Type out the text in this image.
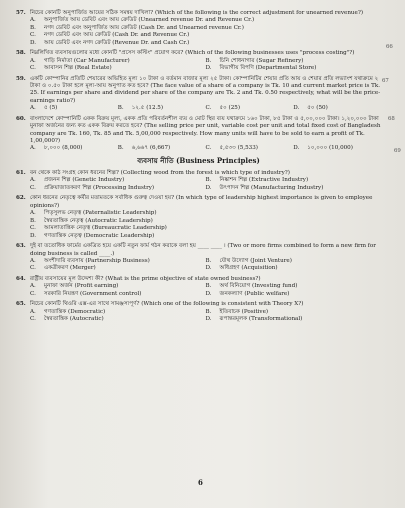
66
67
68
69
57. নিচের কোনটি অনুপার্জিত আয়ের সঠিক সমন্বয় দাখিলা? (Which of the following is the correct adjustment for unearned revenue?)
A.	অনুপার্জিত আয় ডেবিট এবং আয় ক্রেডিট (Unearned revenue Dr. and Revenue Cr.)
B.	নগদ ডেবিট এবং অনুপার্জিত আয় ক্রেডিট (Cash Dr. and Unearned revenue Cr.)
C.	নগদ ডেবিট এবং আয় ক্রেডিট (Cash Dr. and Revenue Cr.)
D.	আয় ডেবিট এবং নগদ ক্রেডিট (Revenue Dr. and Cash Cr.)
58. নিম্নলিখিত ব্যবসায়গুলোর মধ্যে কোনটি "প্রসেস কস্টিং" প্রয়োগ করে? (Which of the following businesses uses "process costing"?)
A.	গাড়ি নির্মাতা (Car Manufacturer)	B.	চিনি শোধনাগার (Sugar Refinery)
C.	আবাসন শিল্প (Real Estate)	D.	বিভাগীয় বিপণি (Departmental Store)
59. একটি কোম্পানির প্রতিটি শেয়ারের অভিহিত মূল্য ১০ টাকা ও বর্তমান বাজার মূল্য ২৫ টাকা। কোম্পানিটির শেয়ার প্রতি আয় ও শেয়ার প্রতি লভ্যাংশ যথাক্রমে ২ টাকা ও ০.৫০ টাকা হলে মূল্য-আয় অনুপাত কত হবে? (The face value of a share of a company is Tk. 10 and current market price is Tk. 25. If earnings per share and dividend per share of the company are Tk. 2 and Tk. 0.50 respectively, what will be the price-earnings ratio?)
A.	৫ (5)	B.	১২.৫ (12.5)	C.	৫০ (25)	D.	৫০ (50)
60. বাংলাদেশে কোম্পানিটি একক বিক্রয় মূল্য, একক প্রতি পরিবর্তনশীল ব্যয় ও মোট স্থির ব্যয় যথাক্রমে ১৬০ টাকা, ৮৫ টাকা ও ৫,০০,০০০ টাকা। ১,২০,০০০ টাকা মুনাফা অর্জনের জন্য কত একক বিক্রয় করতে হবে? (The selling price per unit, variable cost per unit and total fixed cost of Bangladesh company are Tk. 160, Tk. 85 and Tk. 5,00,000 respectively. How many units will have to be sold to earn a profit of Tk. 1,00,000?)
A.	৮,০০০ (8,000)	B.	৬,৬৬৭ (6,667)	C.	৫,৫৩৩ (5,533)	D.	১০,০০০ (10,000)
ব্যবসায় নীতি (Business Principles)
61. বন থেকে কাঠ সংগ্রহ কোন ধরনের শিল্প? (Collecting wood from the forest is which type of industry?)
A.	প্রজনন শিল্প (Genetic Industry)	B.	নিষ্কাশন শিল্প (Extractive Industry)
C.	প্রক্রিয়াজাতকরণ শিল্প (Processing Industry)	D.	উৎপাদন শিল্প (Manufacturing Industry)
62. কোন ধরনের নেতৃত্বে কর্মীর মতামতকে সর্বাধিক গুরুত্ব দেওয়া হয়? (In which type of leadership highest importance is given to employee opinions?)
A.	পিতৃসুলভ নেতৃত্ব (Paternalistic Leadership)
B.	স্বৈরতান্ত্রিক নেতৃত্ব (Autocratic Leadership)
C.	আমলাতান্ত্রিক নেতৃত্ব (Bureaucratic Leadership)
D.	গণতান্ত্রিক নেতৃত্ব (Democratic Leadership)
63. দুই বা ততোধিক ফার্মের একত্রিত হয়ে একটি নতুন ফার্ম গঠন করাকে বলা হয় ____ ____ । (Two or more firms combined to form a new firm for doing business is called ____.)
A.	অংশীদারি ব্যবসায় (Partnership Business)	B.	যৌথ উদ্যোগ (Joint Venture)
C.	একত্রীকরণ (Merger)	D.	অধিগ্রহণ (Acquisition)
64. রাষ্ট্রীয় ব্যবসায়ের মূল উদ্দেশ্য কী? (What is the prime objective of state owned business?)
A.	মুনাফা অর্জন (Profit earning)	B.	অর্থ বিনিয়োগ (Investing fund)
C.	সরকারি নিয়ন্ত্রণ (Government control)	D.	জনকল্যাণ (Public welfare)
65. নিচের কোনটি থিওরি এক্স-এর সাথে সামঞ্জস্যপূর্ণ? (Which one of the following is consistent with Theory X?)
A.	গণতান্ত্রিক (Democratic)	B.	ইতিবাচক (Positive)
C.	স্বৈরতান্ত্রিক (Autocratic)	D.	রূপান্তরমূলক (Transformational)
6
